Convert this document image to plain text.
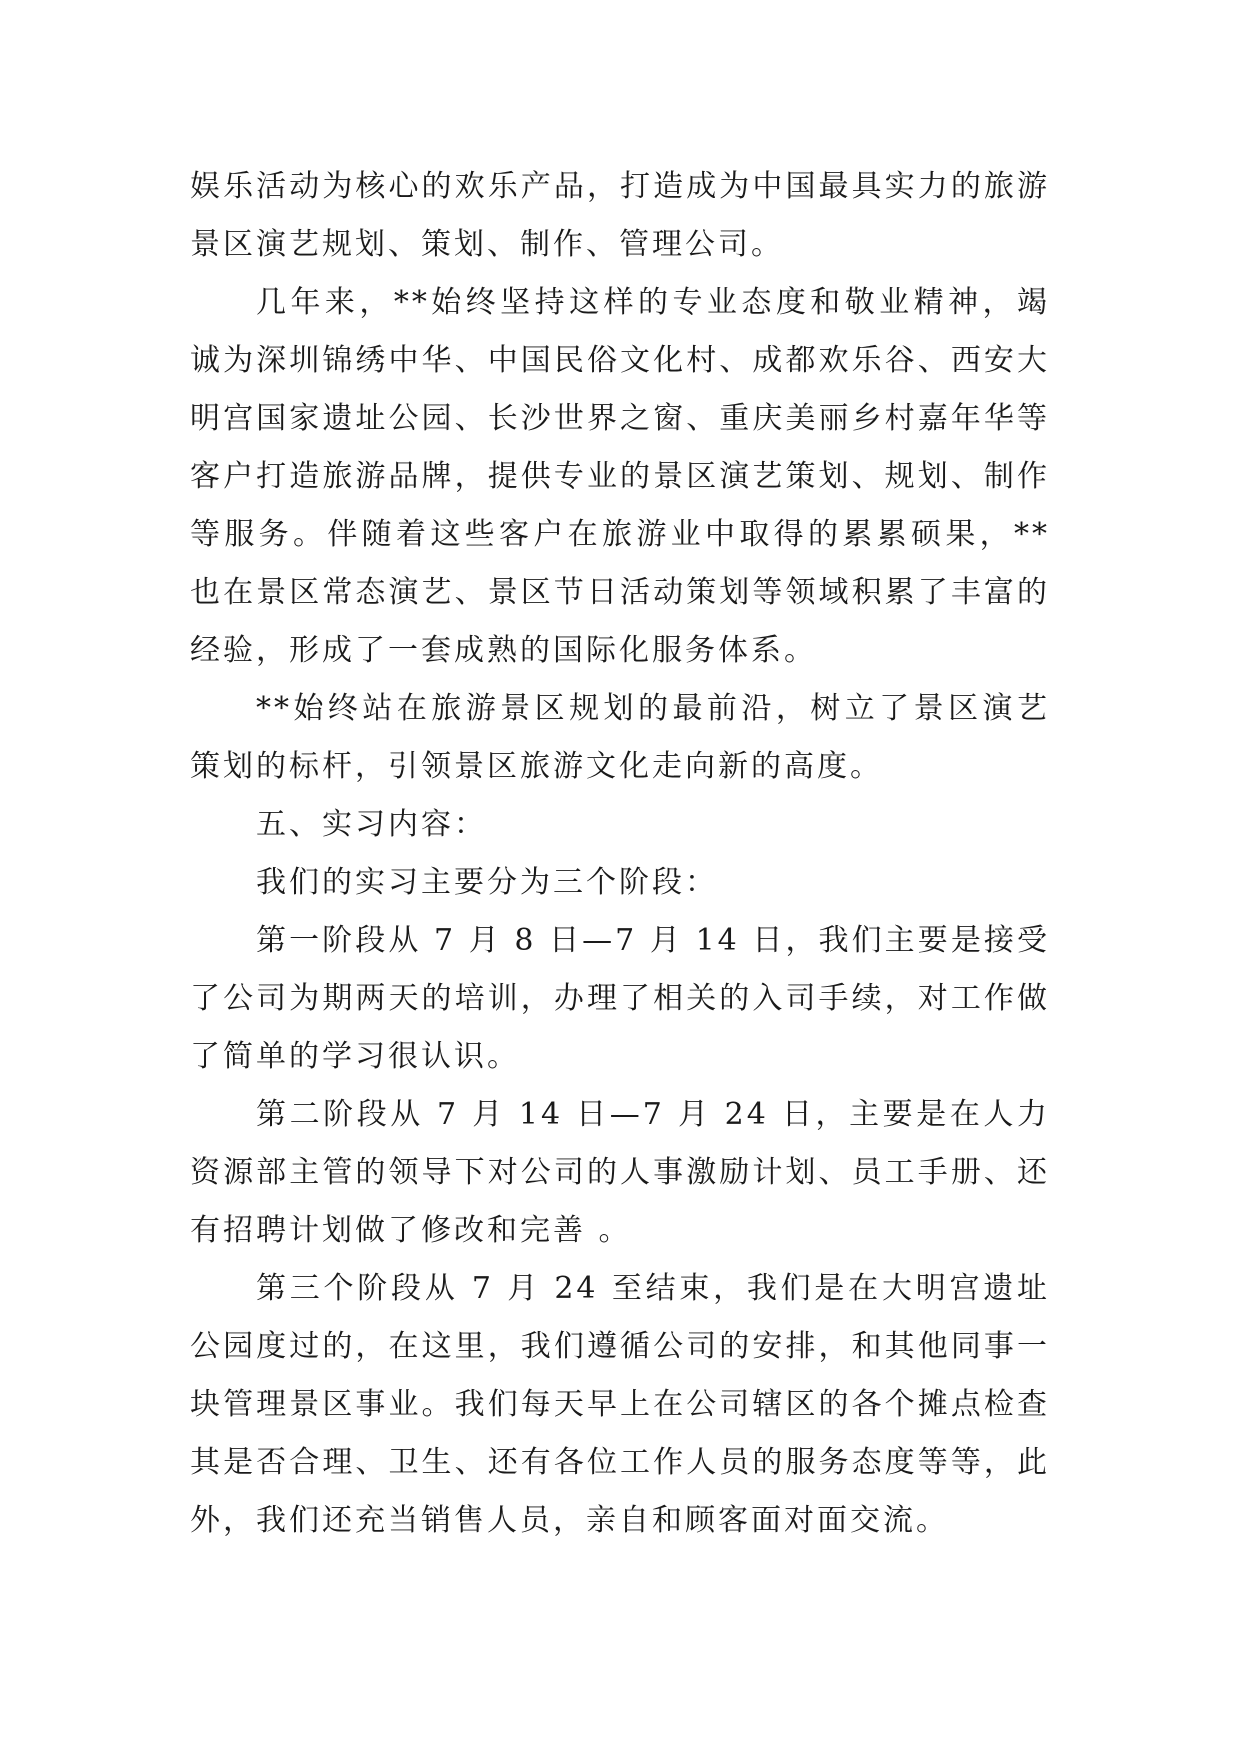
娱乐活动为核心的欢乐产品，打造成为中国最具实力的旅游景区演艺规划、策划、制作、管理公司。

几年来，**始终坚持这样的专业态度和敬业精神，竭诚为深圳锦绣中华、中国民俗文化村、成都欢乐谷、西安大明宫国家遗址公园、长沙世界之窗、重庆美丽乡村嘉年华等客户打造旅游品牌，提供专业的景区演艺策划、规划、制作等服务。伴随着这些客户在旅游业中取得的累累硕果，**也在景区常态演艺、景区节日活动策划等领域积累了丰富的经验，形成了一套成熟的国际化服务体系。

**始终站在旅游景区规划的最前沿，树立了景区演艺策划的标杆，引领景区旅游文化走向新的高度。

五、实习内容：

我们的实习主要分为三个阶段：

第一阶段从 7 月 8 日—7 月 14 日，我们主要是接受了公司为期两天的培训，办理了相关的入司手续，对工作做了简单的学习很认识。

第二阶段从 7 月 14 日—7 月 24 日，主要是在人力资源部主管的领导下对公司的人事激励计划、员工手册、还有招聘计划做了修改和完善 。

第三个阶段从 7 月 24 至结束，我们是在大明宫遗址公园度过的，在这里，我们遵循公司的安排，和其他同事一块管理景区事业。我们每天早上在公司辖区的各个摊点检查其是否合理、卫生、还有各位工作人员的服务态度等等，此外，我们还充当销售人员，亲自和顾客面对面交流。
